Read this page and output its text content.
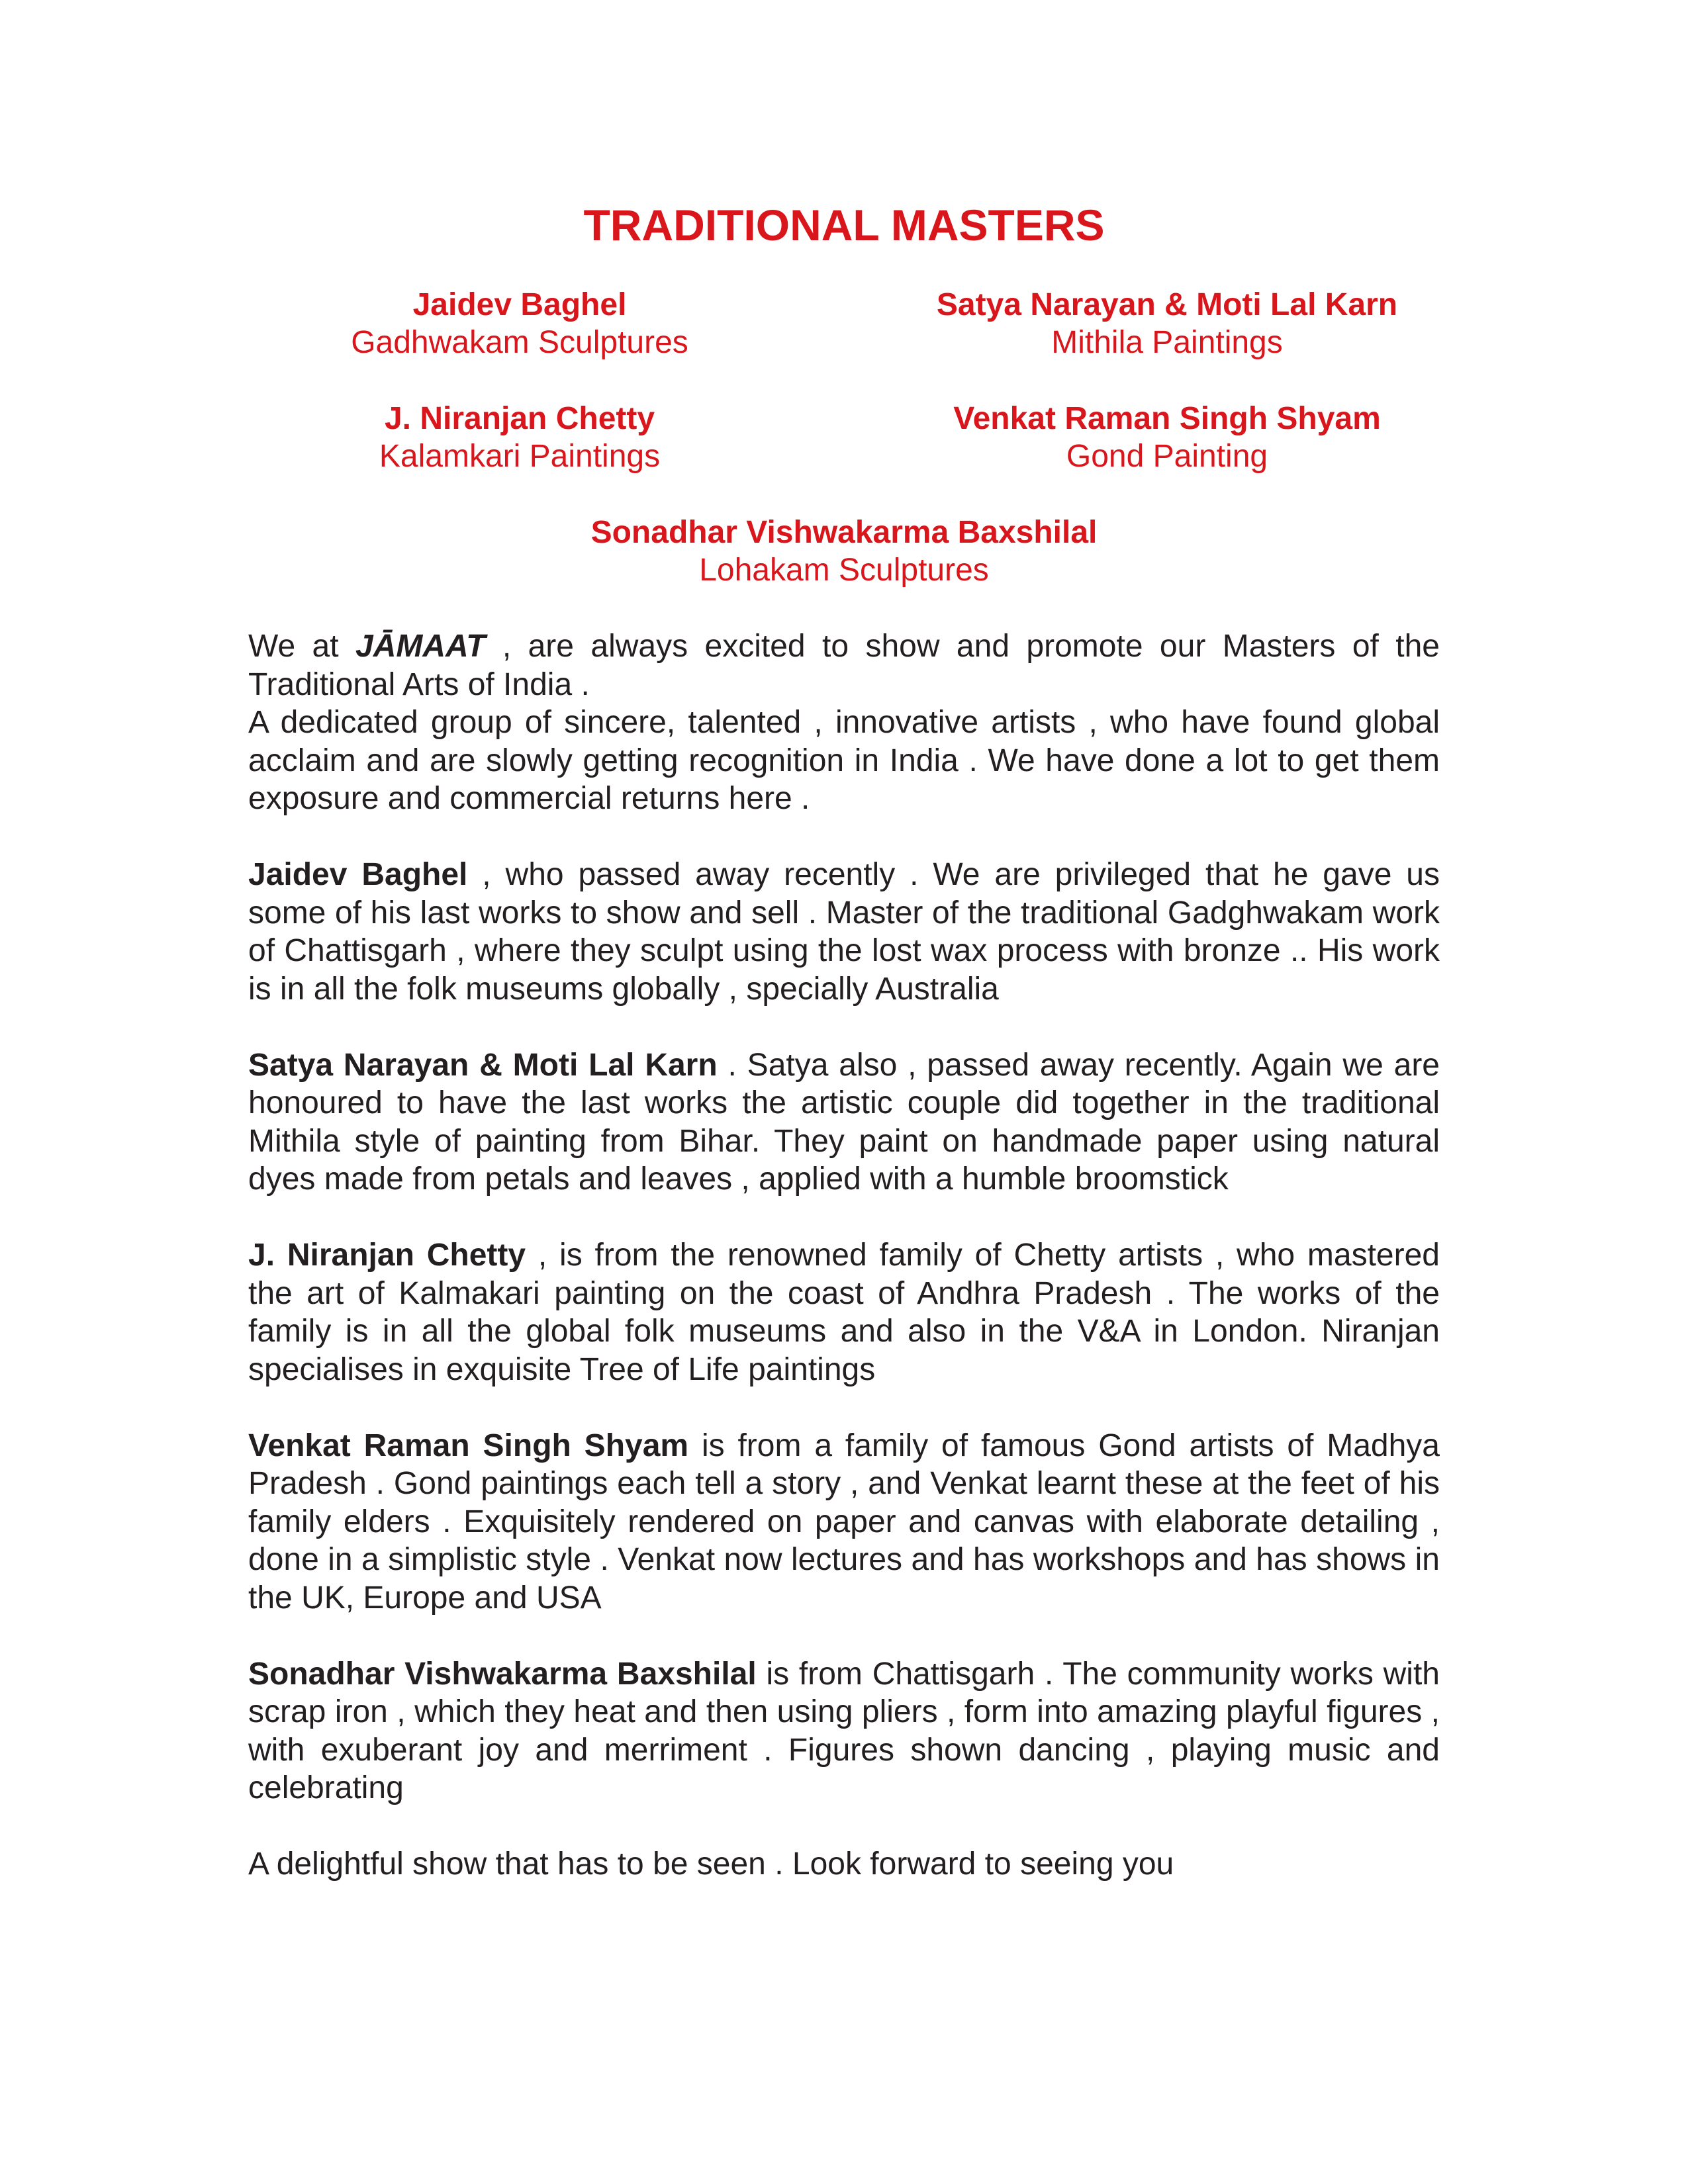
TRADITIONAL MASTERS
Jaidev Baghel
Gadhwakam Sculptures
Satya Narayan & Moti Lal Karn
Mithila Paintings
J. Niranjan Chetty
Kalamkari Paintings
Venkat Raman Singh Shyam
Gond Painting
Sonadhar Vishwakarma Baxshilal
Lohakam Sculptures

We at JĀMAAT , are always excited to show and promote our Masters of the Traditional Arts of India .

A dedicated group of sincere, talented , innovative artists , who have found global acclaim and are slowly getting recognition in India . We have done a lot to get them exposure and commercial returns here .

Jaidev Baghel , who passed away recently . We are privileged that he gave us some of his last works to show and sell . Master of the traditional Gadghwakam work of Chattisgarh , where they sculpt using the lost wax process with bronze .. His work is in all the folk museums globally , specially Australia

Satya Narayan & Moti Lal Karn . Satya also , passed away recently. Again we are honoured to have the last works the artistic couple did together in the traditional Mithila style of painting from Bihar. They paint on handmade paper using natural dyes made from petals and leaves , applied with a humble broomstick

J. Niranjan Chetty , is from the renowned family of Chetty artists , who mastered the art of Kalmakari painting on the coast of Andhra Pradesh . The works of the family is in all the global folk museums and also in the V&A in London. Niranjan specialises in exquisite Tree of Life paintings

Venkat Raman Singh Shyam is from a family of famous Gond artists of Madhya Pradesh . Gond paintings each tell a story , and Venkat learnt these at the feet of his family elders . Exquisitely rendered on paper and canvas with elaborate detailing , done in a simplistic style . Venkat now lectures and has workshops and has shows in the UK, Europe and USA

Sonadhar Vishwakarma Baxshilal is from Chattisgarh . The community works with scrap iron , which they heat and then using pliers , form into amazing playful figures , with exuberant joy and merriment . Figures shown dancing , playing music and celebrating

A delightful show that has to be seen . Look forward to seeing you
